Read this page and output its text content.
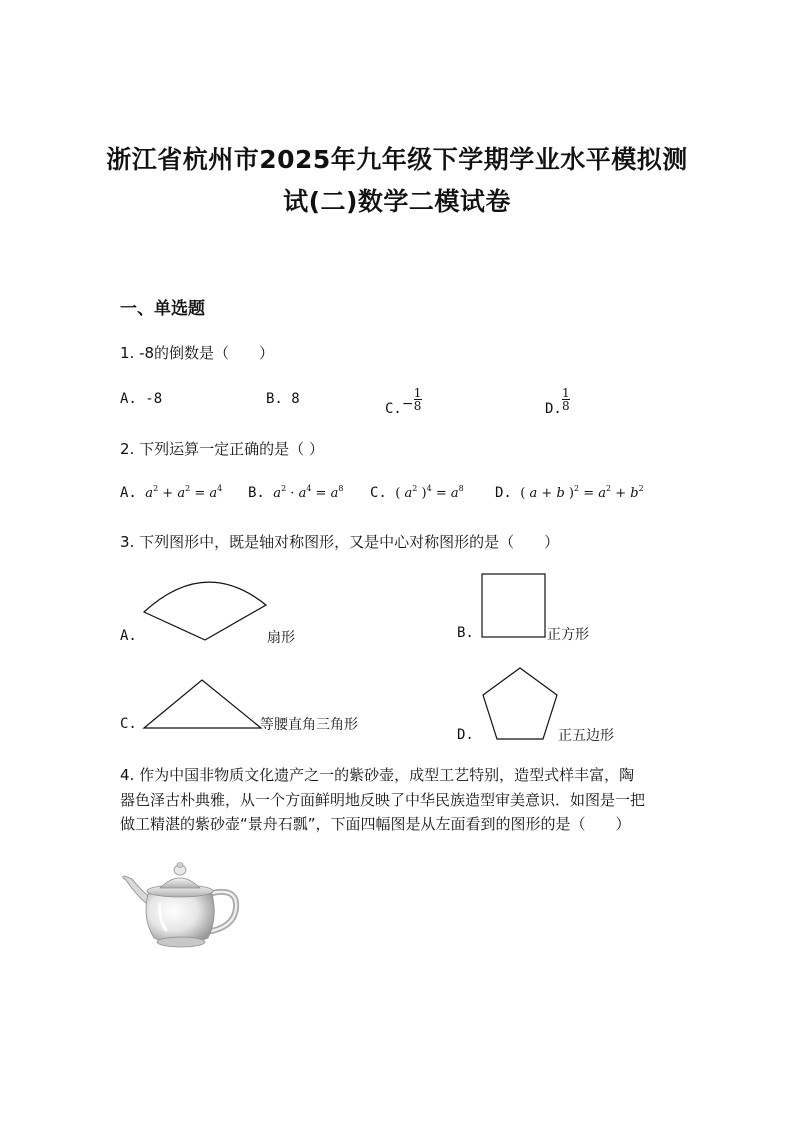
浙江省杭州市2025年九年级下学期学业水平模拟测
试(二)数学二模试卷
一、单选题
1. -8的倒数是（　　）
A. -8	B. 8
$C.- \frac{1}{8}$	D. $\frac{1}{8}$
2. 下列运算一定正确的是（ ）
A. $a^2 + a^2 = a^4$ B. $a^2 \cdot a^4 = a^8$ C. ( $a^2$ )$^4 = a^8$ D. ( a + b )$^2 = a^2 + b^2$
3. 下列图形中，既是轴对称图形，又是中心对称图形的是（　　）
A.	扇形	B.	正方形
C.	等腰直角三角形
D.	正五边形
4. 作为中国非物质文化遗产之一的紫砂壶，成型工艺特别，造型式样丰富，陶
器色泽古朴典雅，从一个方面鲜明地反映了中华民族造型审美意识．如图是一把
做工精湛的紫砂壶“景舟石瓢”，下面四幅图是从左面看到的图形的是（　　）
